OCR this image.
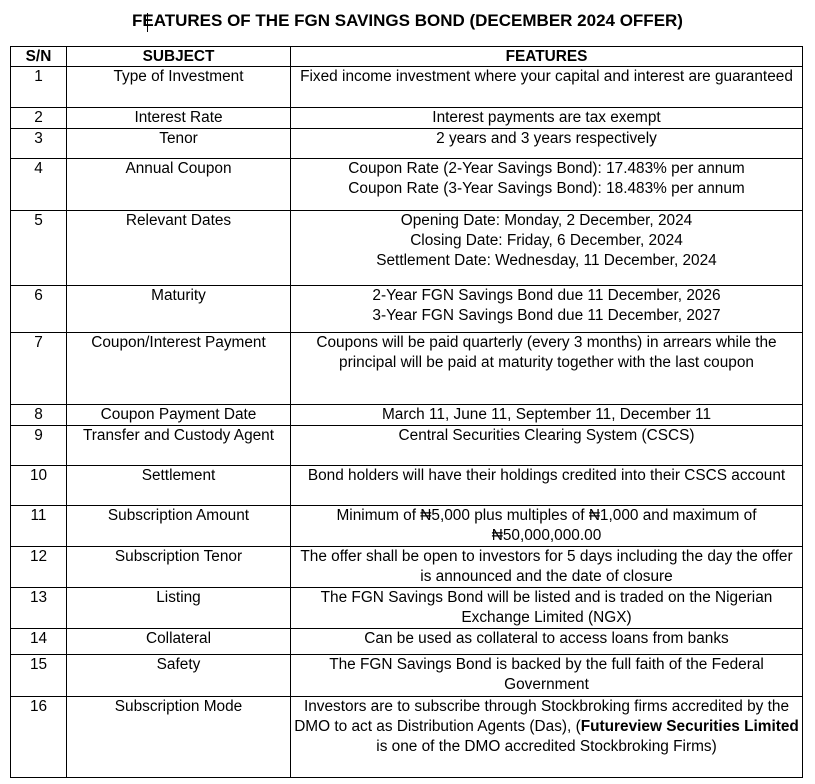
FEATURES OF THE FGN SAVINGS BOND (DECEMBER 2024 OFFER)
S/N	SUBJECT	FEATURES
1	Type of Investment	Fixed income investment where your capital and interest are guaranteed
2	Interest Rate	Interest payments are tax exempt
3	Tenor	2 years and 3 years respectively
4	Annual Coupon	Coupon Rate (2-Year Savings Bond): 17.483% per annum
Coupon Rate (3-Year Savings Bond): 18.483% per annum

5	Relevant Dates	Opening Date: Monday, 2 December, 2024
Closing Date: Friday, 6 December, 2024
Settlement Date: Wednesday, 11 December, 2024

6	Maturity	2-Year FGN Savings Bond due 11 December, 2026
3-Year FGN Savings Bond due 11 December, 2027

7	Coupon/Interest Payment	Coupons will be paid quarterly (every 3 months) in arrears while the principal will be paid at maturity together with the last coupon
8	Coupon Payment Date	March 11, June 11, September 11, December 11
9	Transfer and Custody Agent	Central Securities Clearing System (CSCS)
10	Settlement	Bond holders will have their holdings credited into their CSCS account
11	Subscription Amount	Minimum of ₦5,000 plus multiples of ₦1,000 and maximum of ₦50,000,000.00
12	Subscription Tenor	The offer shall be open to investors for 5 days including the day the offer is announced and the date of closure
13	Listing	The FGN Savings Bond will be listed and is traded on the Nigerian Exchange Limited (NGX)
14	Collateral	Can be used as collateral to access loans from banks
15	Safety	The FGN Savings Bond is backed by the full faith of the Federal Government
16	Subscription Mode	Investors are to subscribe through Stockbroking firms accredited by the DMO to act as Distribution Agents (Das), (Futureview Securities Limited is one of the DMO accredited Stockbroking Firms)
